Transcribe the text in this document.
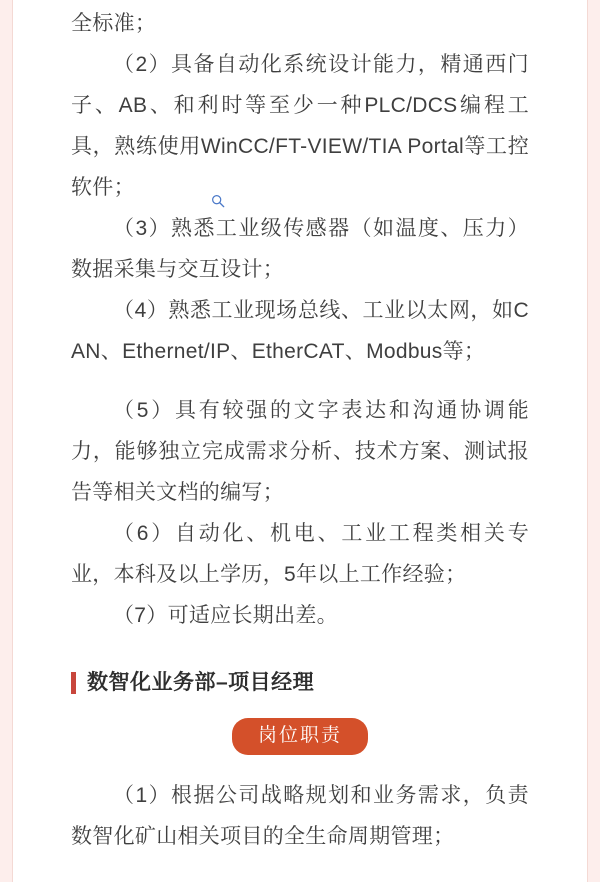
全标准；

（2）具备自动化系统设计能力，精通西门子、AB、和利时等至少一种PLC/DCS编程工具，熟练使用WinCC/FT-VIEW/TIA Portal等工控软件；

（3）熟悉工业级传感器（如温度、压力）数据采集与交互设计；

（4）熟悉工业现场总线、工业以太网，如CAN、Ethernet/IP、EtherCAT、Modbus等；

（5）具有较强的文字表达和沟通协调能力，能够独立完成需求分析、技术方案、测试报告等相关文档的编写；

（6）自动化、机电、工业工程类相关专业，本科及以上学历，5年以上工作经验；

（7）可适应长期出差。

数智化业务部–项目经理
岗位职责

（1）根据公司战略规划和业务需求，负责数智化矿山相关项目的全生命周期管理；
